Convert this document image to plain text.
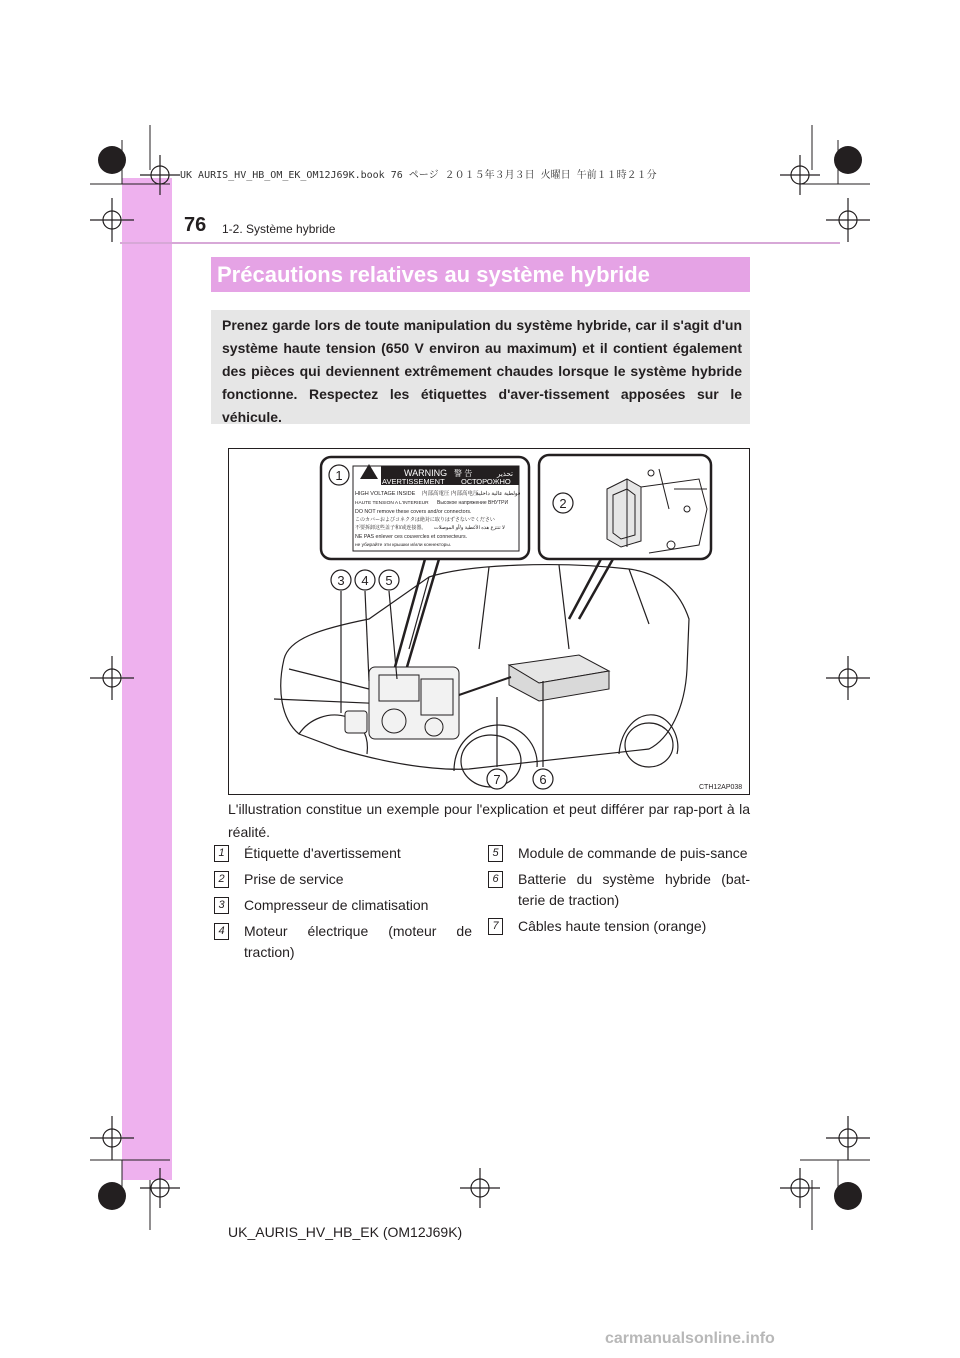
UK AURIS_HV_HB_OM_EK_OM12J69K.book 76 ページ ２０１５年３月３日 火曜日 午前１１時２１分
76 1-2. Système hybride
Précautions relatives au système hybride
Prenez garde lors de toute manipulation du système hybride, car il s'agit d'un système haute tension (650 V environ au maximum) et il contient également des pièces qui deviennent extrêmement chaudes lorsque le système hybride fonctionne. Respectez les étiquettes d'aver-tissement apposées sur le véhicule.
WARNING 警 告	تحذير
AVERTISSEMENT ОСТОРОЖНО
HIGH VOLTAGE INSIDE 内部高電圧 内部高电压
فولطية عالية داخلية
HAUTE TENSION A L'INTERIEUR Высокое напряжение ВНУТРИ
DO NOT remove these covers and/or connectors.
このカバーおよびコネクタは絶対に取りはずさないでください
不要拆卸这些盖子和/或连接器。 لا تنتزع هذه الأغطية و/أو الموصلات
NE PAS enlever ces couvercles et connecteurs.
не убирайте эти крышки и/или коннекторы.
1
2
3 4 5
6
7
CTH12AP038
L'illustration constitue un exemple pour l'explication et peut différer par rap-port à la réalité.
1	Étiquette d'avertissement
2	Prise de service
3	Compresseur de climatisation
4	Moteur électrique (moteur de traction)
5	Module de commande de puis-sance
6	Batterie du système hybride (bat-terie de traction)
7	Câbles haute tension (orange)
UK_AURIS_HV_HB_EK (OM12J69K)
carmanualsonline.info
